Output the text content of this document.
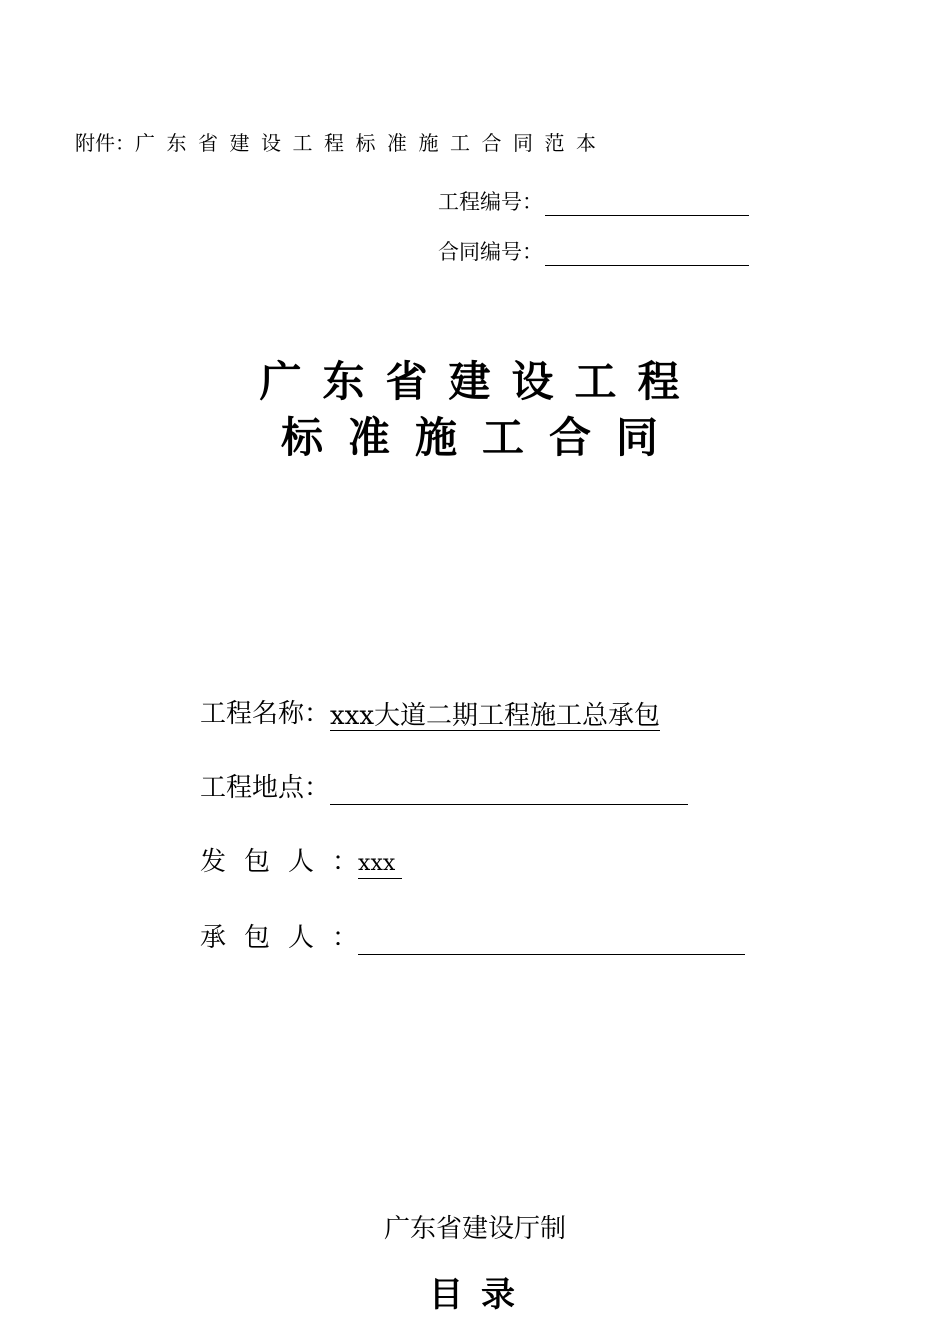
附件：广东省建设工程标准施工合同范本
工程编号：
合同编号：
广东省建设工程
标准施工合同
工程名称： xxx大道二期工程施工总承包
工程地点：
发包人： xxx
承包人：
广东省建设厅制
目录
